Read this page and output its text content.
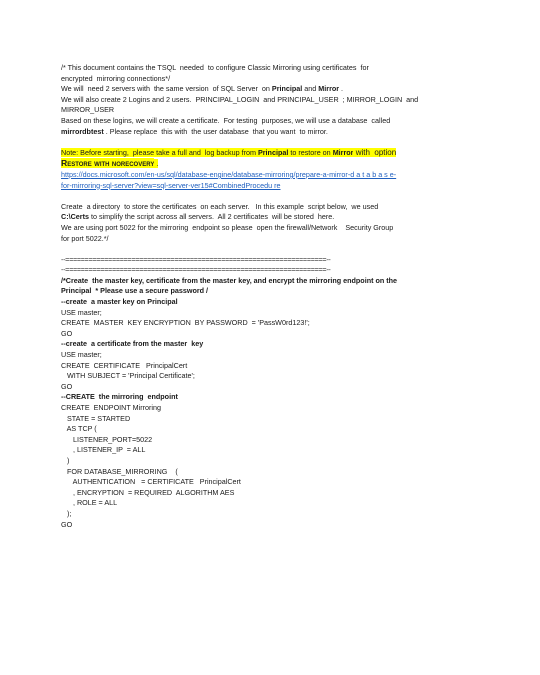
/* This document contains the TSQL  needed  to configure Classic Mirroring using certificates  for

encrypted  mirroring connections*/

We will  need 2 servers with  the same version  of SQL Server  on Principal and Mirror .

We will also create 2 Logins and 2 users.  PRINCIPAL_LOGIN  and PRINCIPAL_USER  ; MIRROR_LOGIN  and

MIRROR_USER

Based on these logins, we will create a certificate.  For testing  purposes, we will use a database  called

mirrordbtest . Please replace  this with  the user database  that you want  to mirror.

Note: Before starting,  please take a full and  log backup from Principal to restore on Mirror with  option

Restore with norecovery .

https://docs.microsoft.com/en-us/sql/database-engine/database-mirroring/prepare-a-mirror-d a t a b a s e-

for-mirroring-sql-server?view=sql-server-ver15#CombinedProcedu re

Create  a directory  to store the certificates  on each server.   In this example  script below,  we used

C:\Certs to simplify the script across all servers.  All 2 certificates  will be stored  here.

We are using port 5022 for the mirroring  endpoint so please  open the firewall/Network    Security Group

for port 5022.*/

--===================================================================--

--===================================================================--

/*Create  the master key, certificate from the master key, and encrypt the mirroring endpoint on the

Principal  * Please use a secure password /

--create  a master key on Principal

USE master;

CREATE  MASTER  KEY ENCRYPTION  BY PASSWORD  = 'PassW0rd123!';

GO

--create  a certificate from the master  key

USE master;

CREATE  CERTIFICATE   PrincipalCert

WITH SUBJECT = 'Principal Certificate';

GO

--CREATE  the mirroring  endpoint

CREATE  ENDPOINT Mirroring

STATE = STARTED

AS TCP (

LISTENER_PORT=5022

, LISTENER_IP  = ALL

)

FOR DATABASE_MIRRORING    (

AUTHENTICATION   = CERTIFICATE   PrincipalCert

, ENCRYPTION  = REQUIRED  ALGORITHM AES

, ROLE = ALL

);

GO
